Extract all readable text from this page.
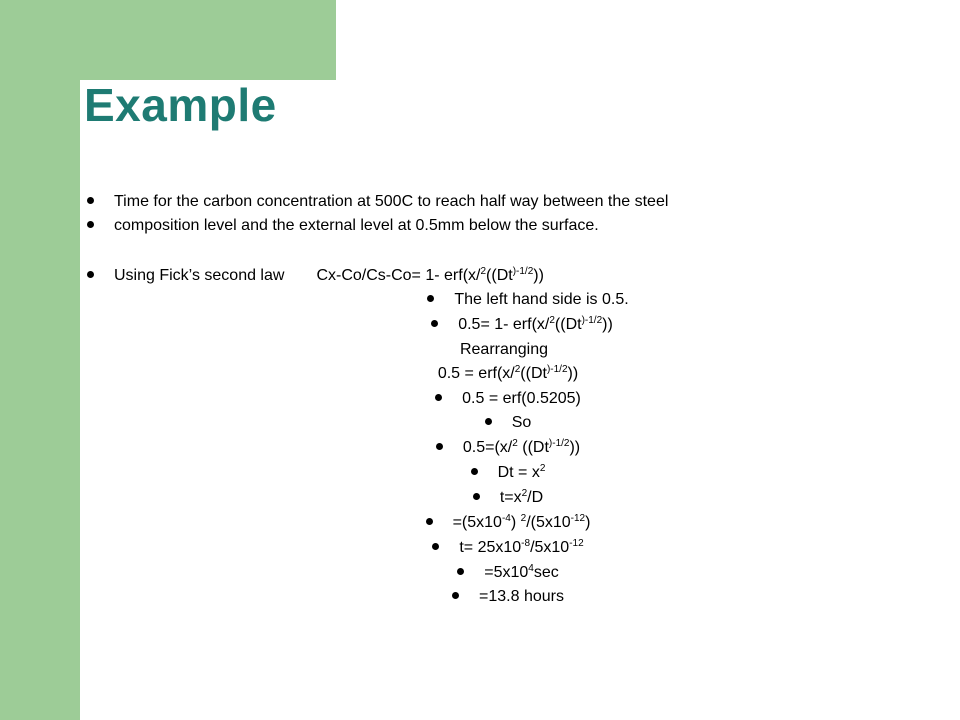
Example
Time for the carbon concentration at 500C to reach half way between the steel
composition level and the external level at 0.5mm below the surface.
Using Fick’s second law Cx-Co/Cs-Co= 1- $erf(x/^2((Dt^{)-1/2}))$
The left hand side is 0.5.
0.5= 1- $erf(x/^2((Dt^{)-1/2}))$
Rearranging
$0.5 = erf(x/^2((Dt^{)-1/2}))$
0.5 = erf(0.5205)
So
0.5=(x/$^2$ $((Dt^{)-1/2}))$
$Dt = x^2$
$t=x^2/D$
$=(5x10^{-4})$ $^2/(5x10^{-12})$
$t= 25x10^{-8}/5x10^{-12}$
$=5x10^4\sec$
=13.8 hours
